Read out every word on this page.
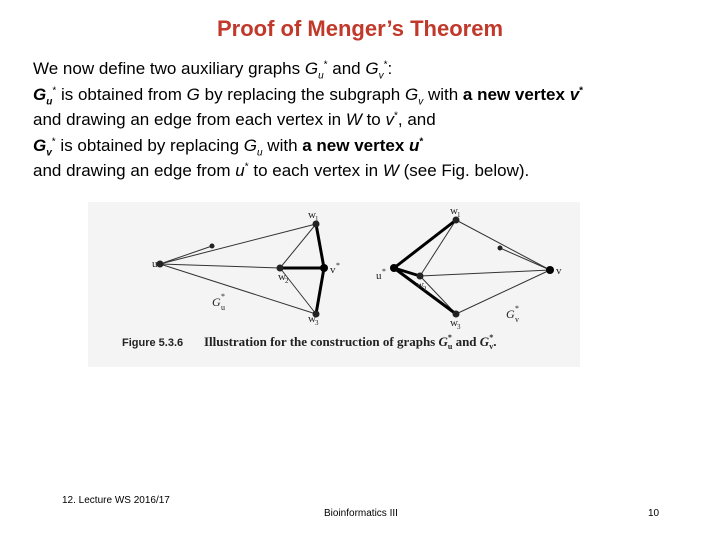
Proof of Menger’s Theorem
We now define two auxiliary graphs $G_u^*$ and $G_v^*$:
$G_u^*$ is obtained from G by replacing the subgraph $G_v$ with a new vertex v*
and drawing an edge from each vertex in W to v*, and
$G_v^*$ is obtained by replacing $G_u$ with a new vertex u*
and drawing an edge from u* to each vertex in W (see Fig. below).
u
w 1
w 2
w 3
v *
G *
u
u *
w 1
w 2
w 3
v
G *
v
Figure 5.3.6 Illustration for the construction of graphs G* u and G* v.
12. Lecture WS 2016/17
Bioinformatics III	10
